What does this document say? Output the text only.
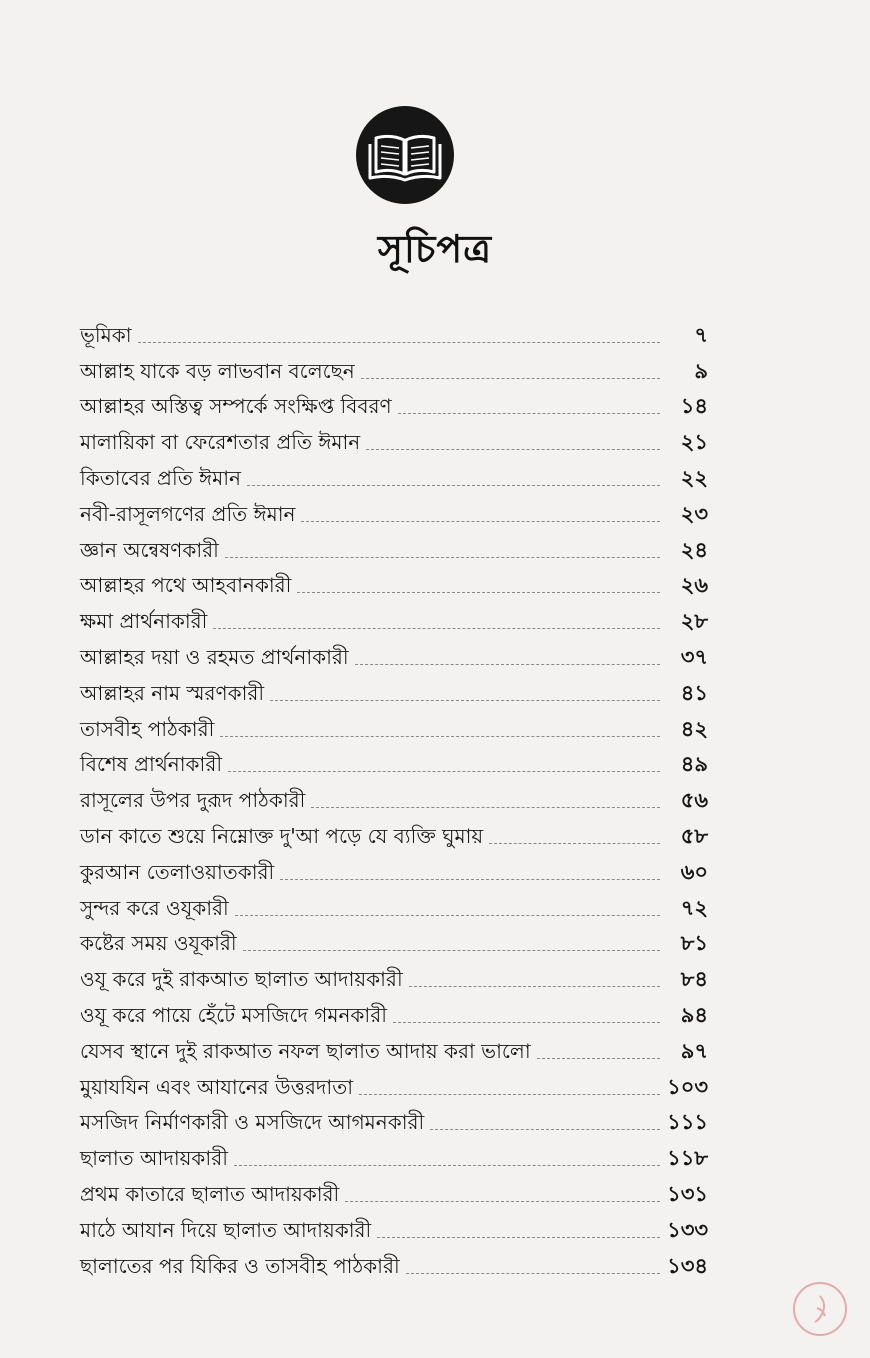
সূচিপত্র
ভূমিকা	৭
আল্লাহ যাকে বড় লাভবান বলেছেন	৯
আল্লাহর অস্তিত্ব সম্পর্কে সংক্ষিপ্ত বিবরণ	১৪
মালায়িকা বা ফেরেশতার প্রতি ঈমান	২১
কিতাবের প্রতি ঈমান	২২
নবী-রাসূলগণের প্রতি ঈমান	২৩
জ্ঞান অন্বেষণকারী	২৪
আল্লাহর পথে আহবানকারী	২৬
ক্ষমা প্রার্থনাকারী	২৮
আল্লাহর দয়া ও রহমত প্রার্থনাকারী	৩৭
আল্লাহর নাম স্মরণকারী	৪১
তাসবীহ পাঠকারী	৪২
বিশেষ প্রার্থনাকারী	৪৯
রাসূলের উপর দুরূদ পাঠকারী	৫৬
ডান কাতে শুয়ে নিম্নোক্ত দু'আ পড়ে যে ব্যক্তি ঘুমায়	৫৮
কুরআন তেলাওয়াতকারী	৬০
সুন্দর করে ওযূকারী	৭২
কষ্টের সময় ওযূকারী	৮১
ওযূ করে দুই রাকআত ছালাত আদায়কারী	৮৪
ওযূ করে পায়ে হেঁটে মসজিদে গমনকারী	৯৪
যেসব স্থানে দুই রাকআত নফল ছালাত আদায় করা ভালো	৯৭
মুয়াযযিন এবং আযানের উত্তরদাতা	১০৩
মসজিদ নির্মাণকারী ও মসজিদে আগমনকারী	১১১
ছালাত আদায়কারী	১১৮
প্রথম কাতারে ছালাত আদায়কারী	১৩১
মাঠে আযান দিয়ে ছালাত আদায়কারী	১৩৩
ছালাতের পর যিকির ও তাসবীহ পাঠকারী	১৩৪
